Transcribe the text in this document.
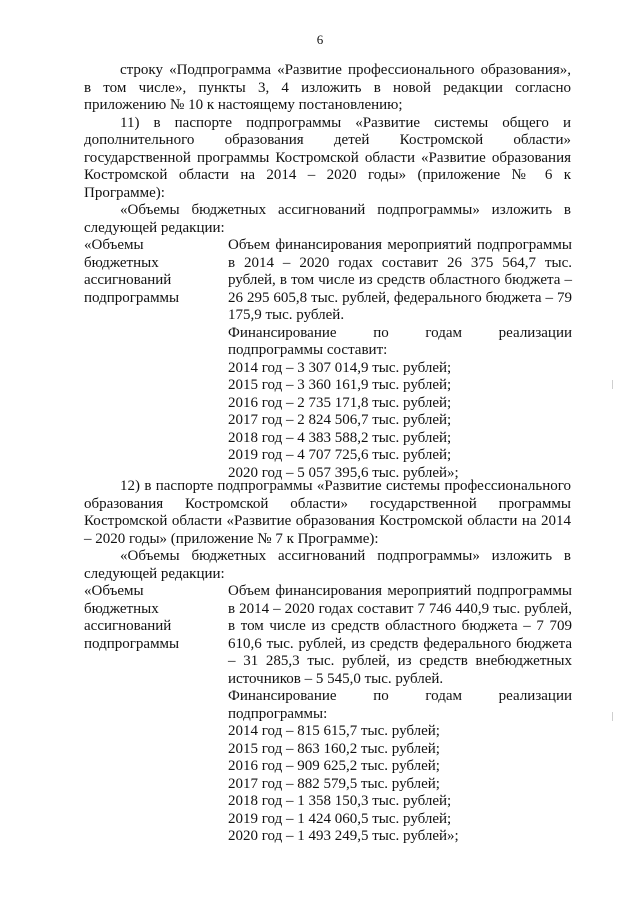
6

строку «Подпрограмма «Развитие профессионального образования», в том числе», пункты 3, 4 изложить в новой редакции согласно приложению № 10 к настоящему постановлению;

11) в паспорте подпрограммы «Развитие системы общего и дополнительного образования детей Костромской области» государственной программы Костромской области «Развитие образования Костромской области на 2014 – 2020 годы» (приложение № 6 к Программе):

«Объемы бюджетных ассигнований подпрограммы» изложить в следующей редакции:

«Объемы
бюджетных
ассигнований
подпрограммы
Объем финансирования мероприятий подпрограммы в 2014 – 2020 годах составит 26 375 564,7 тыс. рублей, в том числе из средств областного бюджета – 26 295 605,8 тыс. рублей, федерального бюджета – 79 175,9 тыс. рублей.
Финансирование по годам реализации подпрограммы составит:
2014 год – 3 307 014,9 тыс. рублей;
2015 год – 3 360 161,9 тыс. рублей;
2016 год – 2 735 171,8 тыс. рублей;
2017 год – 2 824 506,7 тыс. рублей;
2018 год – 4 383 588,2 тыс. рублей;
2019 год – 4 707 725,6 тыс. рублей;
2020 год – 5 057 395,6 тыс. рублей»;

12) в паспорте подпрограммы «Развитие системы профессионального образования Костромской области» государственной программы Костромской области «Развитие образования Костромской области на 2014 – 2020 годы» (приложение № 7 к Программе):

«Объемы бюджетных ассигнований подпрограммы» изложить в следующей редакции:

«Объемы
бюджетных
ассигнований
подпрограммы
Объем финансирования мероприятий подпрограммы в 2014 – 2020 годах составит 7 746 440,9 тыс. рублей, в том числе из средств областного бюджета – 7 709 610,6 тыс. рублей, из средств федерального бюджета – 31 285,3 тыс. рублей, из средств внебюджетных источников – 5 545,0 тыс. рублей.
Финансирование по годам реализации подпрограммы:
2014 год – 815 615,7 тыс. рублей;
2015 год – 863 160,2 тыс. рублей;
2016 год – 909 625,2 тыс. рублей;
2017 год – 882 579,5 тыс. рублей;
2018 год – 1 358 150,3 тыс. рублей;
2019 год – 1 424 060,5 тыс. рублей;
2020 год – 1 493 249,5 тыс. рублей»;
